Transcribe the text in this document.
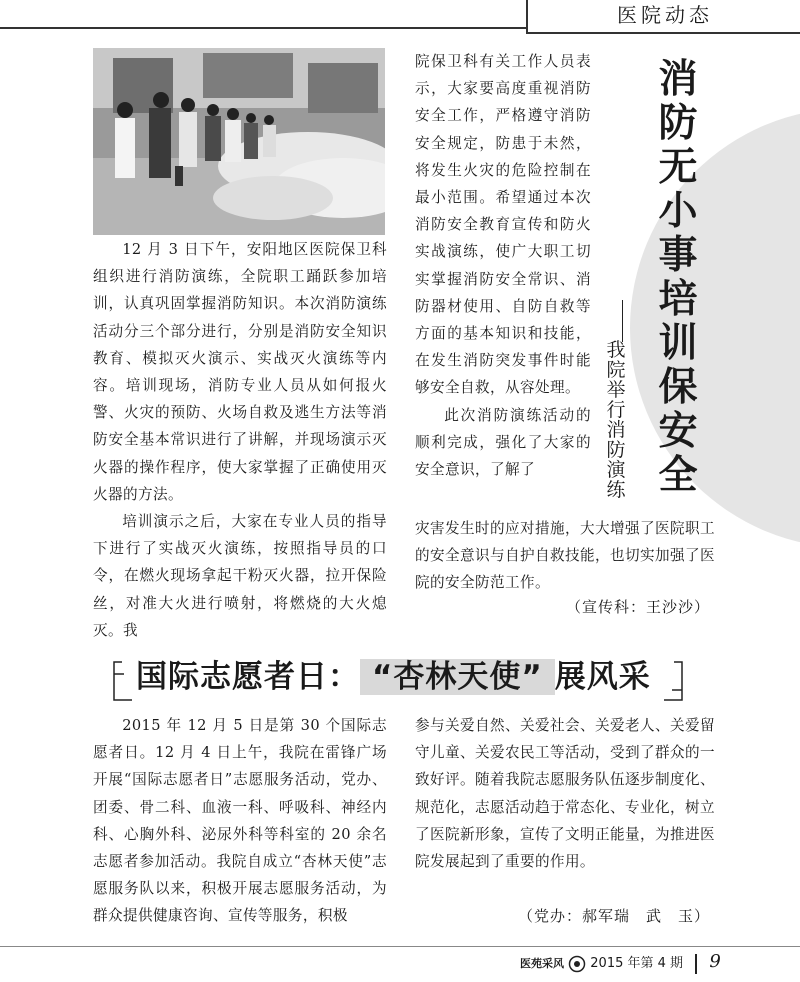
医院动态

12 月 3 日下午，安阳地区医院保卫科组织进行消防演练，全院职工踊跃参加培训，认真巩固掌握消防知识。本次消防演练活动分三个部分进行，分别是消防安全知识教育、模拟灭火演示、实战灭火演练等内容。培训现场，消防专业人员从如何报火警、火灾的预防、火场自救及逃生方法等消防安全基本常识进行了讲解，并现场演示灭火器的操作程序，使大家掌握了正确使用灭火器的方法。

培训演示之后，大家在专业人员的指导下进行了实战灭火演练，按照指导员的口令，在燃火现场拿起干粉灭火器，拉开保险丝，对准大火进行喷射，将燃烧的大火熄灭。我

院保卫科有关工作人员表示，大家要高度重视消防安全工作，严格遵守消防安全规定，防患于未然，将发生火灾的危险控制在最小范围。希望通过本次消防安全教育宣传和防火实战演练，使广大职工切实掌握消防安全常识、消防器材使用、自防自救等方面的基本知识和技能，在发生消防突发事件时能够安全自救，从容处理。

此次消防演练活动的顺利完成，强化了大家的安全意识，了解了

消防无小事 培训保安全
我院举行消防演练

灾害发生时的应对措施，大大增强了医院职工的安全意识与自护自救技能，也切实加强了医院的安全防范工作。

（宣传科：王沙沙）
国际志愿者日： “杏林天使” 展风采

2015 年 12 月 5 日是第 30 个国际志愿者日。12 月 4 日上午，我院在雷锋广场开展“国际志愿者日”志愿服务活动，党办、团委、骨二科、血液一科、呼吸科、神经内科、心胸外科、泌尿外科等科室的 20 余名志愿者参加活动。我院自成立“杏林天使”志愿服务队以来，积极开展志愿服务活动，为群众提供健康咨询、宣传等服务，积极

参与关爱自然、关爱社会、关爱老人、关爱留守儿童、关爱农民工等活动，受到了群众的一致好评。随着我院志愿服务队伍逐步制度化、规范化，志愿活动趋于常态化、专业化，树立了医院新形象，宣传了文明正能量，为推进医院发展起到了重要的作用。

（党办：郝军瑞　武　玉）
医苑采风 2015 年第 4 期 9
